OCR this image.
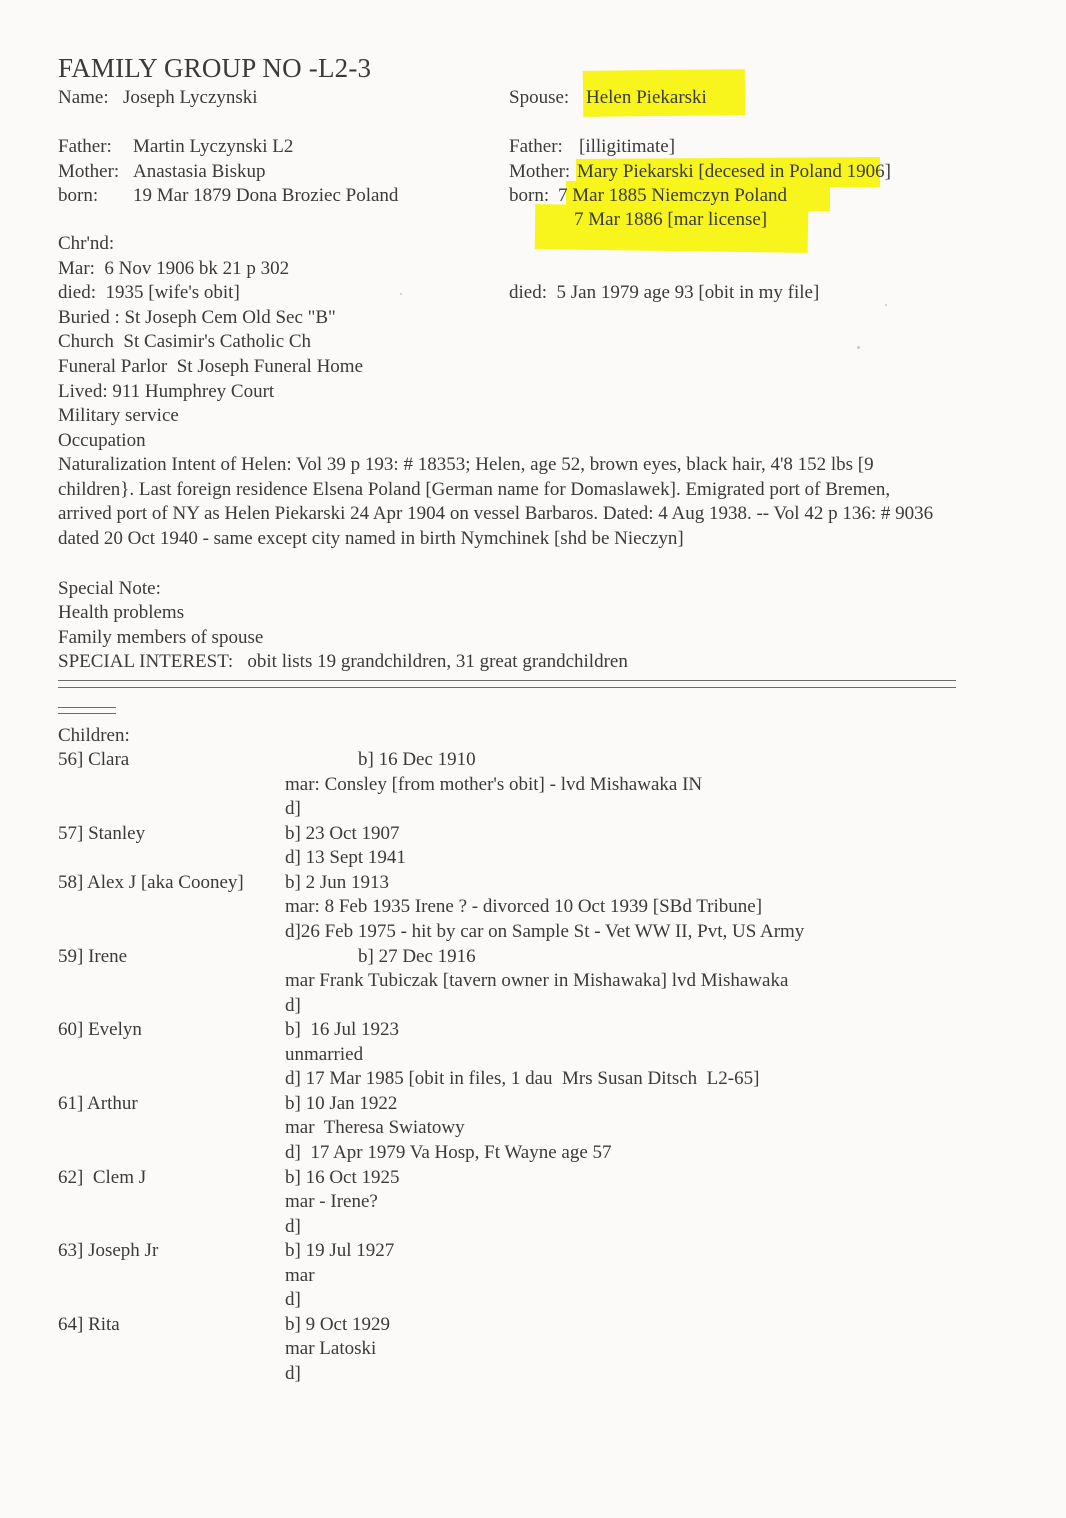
FAMILY GROUP NO -L2-3
Name: Joseph Lyczynski
Father: Martin Lyczynski L2
Mother: Anastasia Biskup
born: 19 Mar 1879 Dona Broziec Poland
Chr'nd:
Mar:  6 Nov 1906 bk 21 p 302
died:  1935 [wife's obit]
Buried : St Joseph Cem Old Sec "B"
Church  St Casimir's Catholic Ch
Funeral Parlor  St Joseph Funeral Home
Lived: 911 Humphrey Court
Military service
Occupation
Spouse: Helen Piekarski
Father: [illigitimate]
Mother: Mary Piekarski [decesed in Poland 1906]
born: 7 Mar 1885 Niemczyn Poland
7 Mar 1886 [mar license]
died:  5 Jan 1979 age 93 [obit in my file]
Naturalization Intent of Helen: Vol 39 p 193: # 18353; Helen, age 52, brown eyes, black hair, 4'8 152 lbs [9 children}. Last foreign residence Elsena Poland [German name for Domaslawek]. Emigrated port of Bremen, arrived port of NY as Helen Piekarski 24 Apr 1904 on vessel Barbaros. Dated: 4 Aug 1938. -- Vol 42 p 136: # 9036 dated 20 Oct 1940 - same except city named in birth Nymchinek [shd be Nieczyn]
Special Note:
Health problems
Family members of spouse
SPECIAL INTEREST:   obit lists 19 grandchildren, 31 great grandchildren
Children:
56] Clara	b] 16 Dec 1910
mar: Consley [from mother's obit] - lvd Mishawaka IN
d]
57] Stanley	b] 23 Oct 1907
d] 13 Sept 1941
58] Alex J [aka Cooney] b] 2 Jun 1913
mar: 8 Feb 1935 Irene ? - divorced 10 Oct 1939 [SBd Tribune]
d]26 Feb 1975 - hit by car on Sample St - Vet WW II, Pvt, US Army
59] Irene	b] 27 Dec 1916
mar Frank Tubiczak [tavern owner in Mishawaka] lvd Mishawaka
d]
60] Evelyn	b]  16 Jul 1923
unmarried
d] 17 Mar 1985 [obit in files, 1 dau  Mrs Susan Ditsch  L2-65]
61] Arthur	b] 10 Jan 1922
mar  Theresa Swiatowy
d]  17 Apr 1979 Va Hosp, Ft Wayne age 57
62]  Clem J	b] 16 Oct 1925
mar - Irene?
d]
63] Joseph Jr	b] 19 Jul 1927
mar
d]
64] Rita	b] 9 Oct 1929
mar Latoski
d]
